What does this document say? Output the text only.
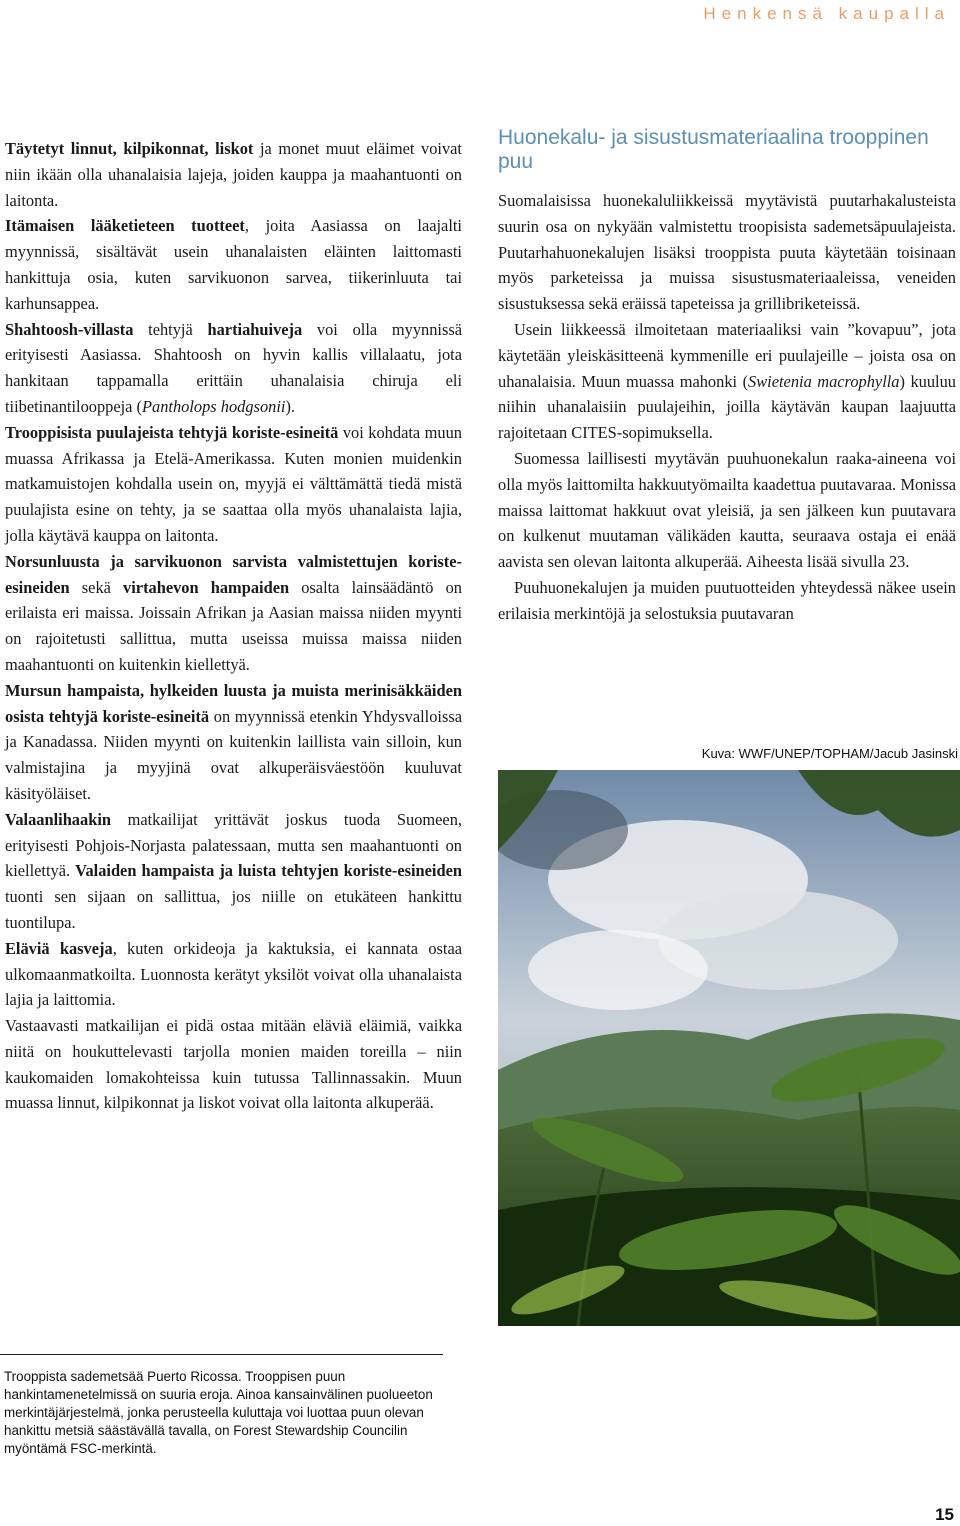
Henkensä kaupalla

Täytetyt linnut, kilpikonnat, liskot ja monet muut eläimet voivat niin ikään olla uhanalaisia lajeja, joiden kauppa ja maahantuonti on laitonta.

Itämaisen lääketieteen tuotteet, joita Aasiassa on laajalti myynnissä, sisältävät usein uhanalaisten eläinten laittomasti hankittuja osia, kuten sarvikuonon sarvea, tiikerinluuta tai karhunsappea.

Shahtoosh-villasta tehtyjä hartiahuiveja voi olla myynnissä erityisesti Aasiassa. Shahtoosh on hyvin kallis villalaatu, jota hankitaan tappamalla erittäin uhanalaisia chiruja eli tiibetinantilooppeja (Pantholops hodgsonii).

Trooppisista puulajeista tehtyjä koriste-esineitä voi kohdata muun muassa Afrikassa ja Etelä-Amerikassa. Kuten monien muidenkin matkamuistojen kohdalla usein on, myyjä ei välttämättä tiedä mistä puulajista esine on tehty, ja se saattaa olla myös uhanalaista lajia, jolla käytävä kauppa on laitonta.

Norsunluusta ja sarvikuonon sarvista valmistettujen koriste-esineiden sekä virtahevon hampaiden osalta lainsäädäntö on erilaista eri maissa. Joissain Afrikan ja Aasian maissa niiden myynti on rajoitetusti sallittua, mutta useissa muissa maissa niiden maahantuonti on kuitenkin kiellettyä.

Mursun hampaista, hylkeiden luusta ja muista merinisäkkäiden osista tehtyjä koriste-esineitä on myynnissä etenkin Yhdysvalloissa ja Kanadassa. Niiden myynti on kuitenkin laillista vain silloin, kun valmistajina ja myyjinä ovat alkuperäisväestöön kuuluvat käsityöläiset.

Valaanlihaakin matkailijat yrittävät joskus tuoda Suomeen, erityisesti Pohjois-Norjasta palatessaan, mutta sen maahantuonti on kiellettyä. Valaiden hampaista ja luista tehtyjen koriste-esineiden tuonti sen sijaan on sallittua, jos niille on etukäteen hankittu tuontilupa.

Eläviä kasveja, kuten orkideoja ja kaktuksia, ei kannata ostaa ulkomaanmatkoilta. Luonnosta kerätyt yksilöt voivat olla uhanalaista lajia ja laittomia.

Vastaavasti matkailijan ei pidä ostaa mitään eläviä eläimiä, vaikka niitä on houkuttelevasti tarjolla monien maiden toreilla – niin kaukomaiden lomakohteissa kuin tutussa Tallinnassakin. Muun muassa linnut, kilpikonnat ja liskot voivat olla laitonta alkuperää.

Huonekalu- ja sisustusmateriaalina trooppinen puu

Suomalaisissa huonekaluliikkeissä myytävistä puutarhakalusteista suurin osa on nykyään valmistettu troopisista sademetsäpuulajeista. Puutarhahuonekalujen lisäksi trooppista puuta käytetään toisinaan myös parketeissa ja muissa sisustusmateriaaleissa, veneiden sisustuksessa sekä eräissä tapeteissa ja grillibriketeissä.

Usein liikkeessä ilmoitetaan materiaaliksi vain ”kovapuu”, jota käytetään yleiskäsitteenä kymmenille eri puulajeille – joista osa on uhanalaisia. Muun muassa mahonki (Swietenia macrophylla) kuuluu niihin uhanalaisiin puulajeihin, joilla käytävän kaupan laajuutta rajoitetaan CITES-sopimuksella.

Suomessa laillisesti myytävän puuhuonekalun raaka-aineena voi olla myös laittomilta hakkuutyömailta kaadettua puutavaraa. Monissa maissa laittomat hakkuut ovat yleisiä, ja sen jälkeen kun puutavara on kulkenut muutaman välikäden kautta, seuraava ostaja ei enää aavista sen olevan laitonta alkuperää. Aiheesta lisää sivulla 23.

Puuhuonekalujen ja muiden puutuotteiden yhteydessä näkee usein erilaisia merkintöjä ja selostuksia puutavaran

Kuva: WWF/UNEP/TOPHAM/Jacub Jasinski
Trooppista sademetsää Puerto Ricossa. Trooppisen puun hankintamenetelmissä on suuria eroja. Ainoa kansainvälinen puolueeton merkintäjärjestelmä, jonka perusteella kuluttaja voi luottaa puun olevan hankittu metsiä säästävällä tavalla, on Forest Stewardship Councilin myöntämä FSC-merkintä.
15
